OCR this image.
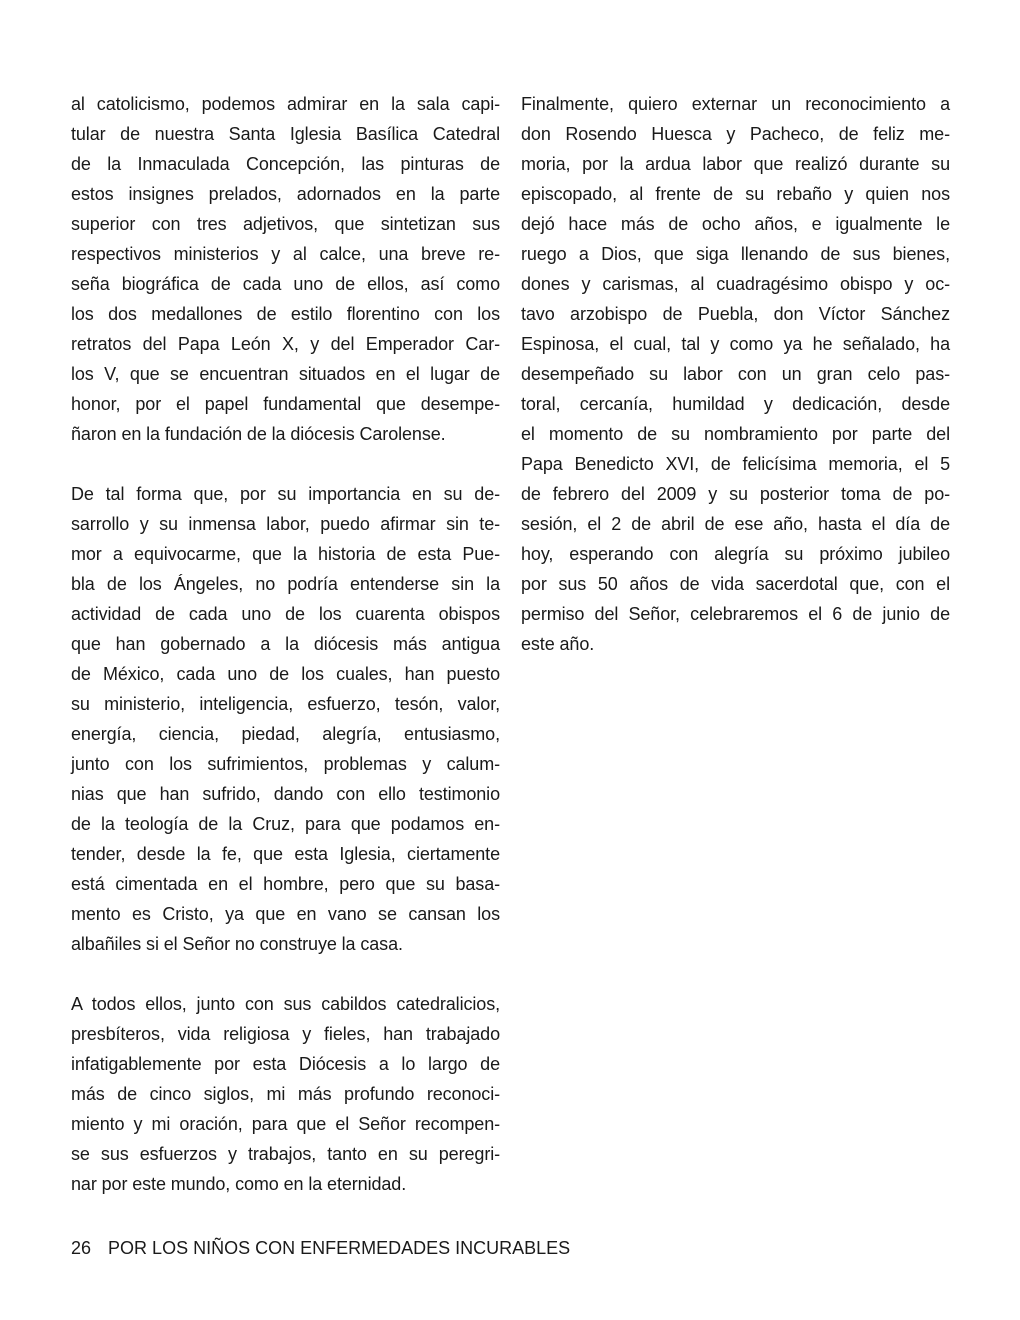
al catolicismo, podemos admirar en la sala capi-
tular de nuestra Santa Iglesia Basílica Catedral
de la Inmaculada Concepción, las pinturas de
estos insignes prelados, adornados en la parte
superior con tres adjetivos, que sintetizan sus
respectivos ministerios y al calce, una breve re-
seña biográfica de cada uno de ellos, así como
los dos medallones de estilo florentino con los
retratos del Papa León X, y del Emperador Car-
los V, que se encuentran situados en el lugar de
honor, por el papel fundamental que desempe-
ñaron en la fundación de la diócesis Carolense.
De tal forma que, por su importancia en su de-
sarrollo y su inmensa labor, puedo afirmar sin te-
mor a equivocarme, que la historia de esta Pue-
bla de los Ángeles, no podría entenderse sin la
actividad de cada uno de los cuarenta obispos
que han gobernado a la diócesis más antigua
de México, cada uno de los cuales, han puesto
su ministerio, inteligencia, esfuerzo, tesón, valor,
energía, ciencia, piedad, alegría, entusiasmo,
junto con los sufrimientos, problemas y calum-
nias que han sufrido, dando con ello testimonio
de la teología de la Cruz, para que podamos en-
tender, desde la fe, que esta Iglesia, ciertamente
está cimentada en el hombre, pero que su basa-
mento es Cristo, ya que en vano se cansan los
albañiles si el Señor no construye la casa.
A todos ellos, junto con sus cabildos catedralicios,
presbíteros, vida religiosa y fieles, han trabajado
infatigablemente por esta Diócesis a lo largo de
más de cinco siglos, mi más profundo reconoci-
miento y mi oración, para que el Señor recompen-
se sus esfuerzos y trabajos, tanto en su peregri-
nar por este mundo, como en la eternidad.
Finalmente, quiero externar un reconocimiento a
don Rosendo Huesca y Pacheco, de feliz me-
moria, por la ardua labor que realizó durante su
episcopado, al frente de su rebaño y quien nos
dejó hace más de ocho años, e igualmente le
ruego a Dios, que siga llenando de sus bienes,
dones y carismas, al cuadragésimo obispo y oc-
tavo arzobispo de Puebla, don Víctor Sánchez
Espinosa, el cual, tal y como ya he señalado, ha
desempeñado su labor con un gran celo pas-
toral, cercanía, humildad y dedicación, desde
el momento de su nombramiento por parte del
Papa Benedicto XVI, de felicísima memoria, el 5
de febrero del 2009 y su posterior toma de po-
sesión, el 2 de abril de ese año, hasta el día de
hoy, esperando con alegría su próximo jubileo
por sus 50 años de vida sacerdotal que, con el
permiso del Señor, celebraremos el 6 de junio de
este año.
26 POR LOS NIÑOS CON ENFERMEDADES INCURABLES
